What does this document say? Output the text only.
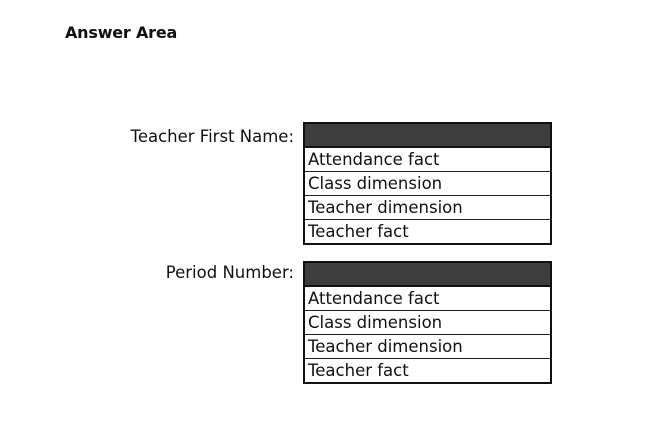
Answer Area
Teacher First Name:
Attendance fact
Class dimension
Teacher dimension
Teacher fact
Period Number:
Attendance fact
Class dimension
Teacher dimension
Teacher fact
